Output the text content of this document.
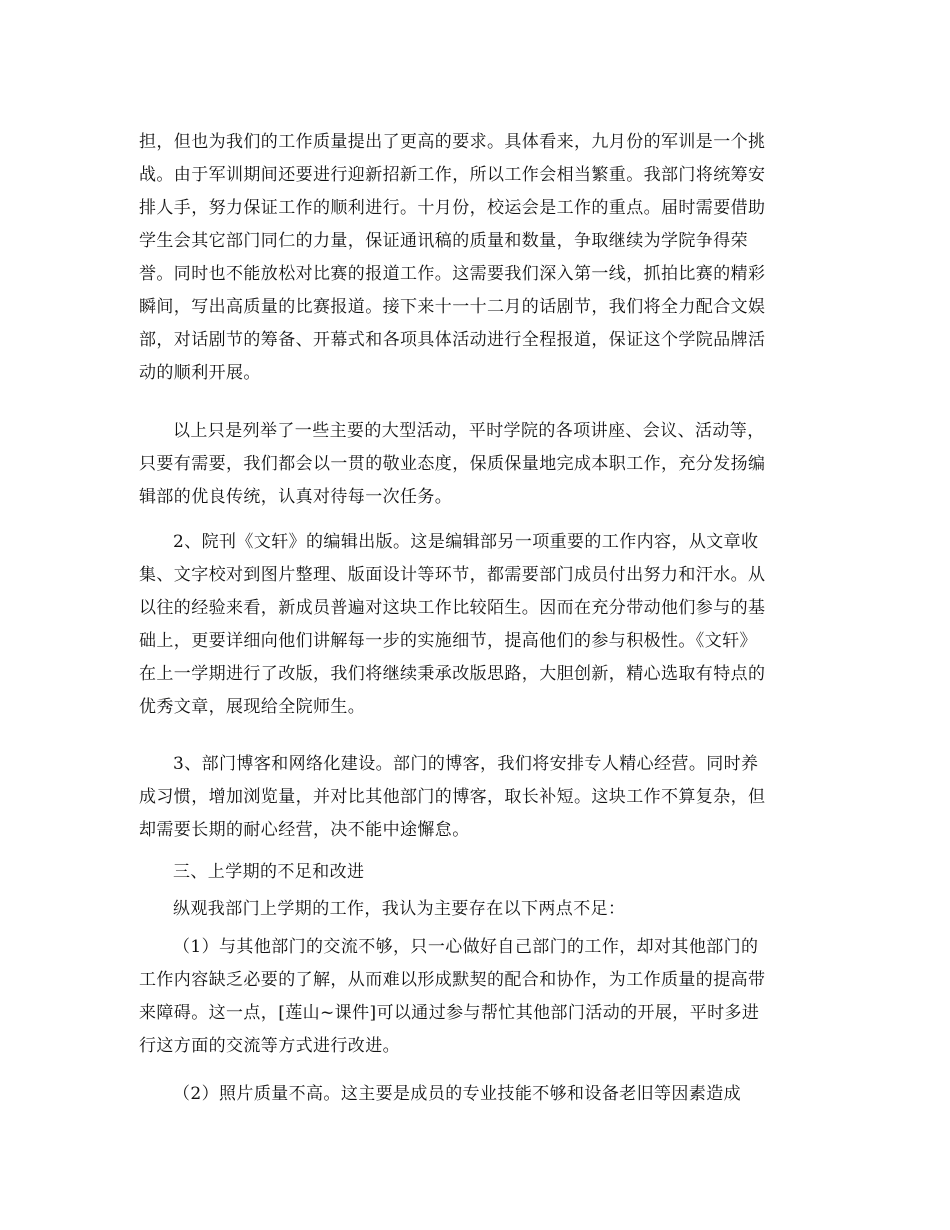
担，但也为我们的工作质量提出了更高的要求。具体看来，九月份的军训是一个挑
战。由于军训期间还要进行迎新招新工作，所以工作会相当繁重。我部门将统筹安
排人手，努力保证工作的顺利进行。十月份，校运会是工作的重点。届时需要借助
学生会其它部门同仁的力量，保证通讯稿的质量和数量，争取继续为学院争得荣
誉。同时也不能放松对比赛的报道工作。这需要我们深入第一线，抓拍比赛的精彩
瞬间，写出高质量的比赛报道。接下来十一十二月的话剧节，我们将全力配合文娱
部，对话剧节的筹备、开幕式和各项具体活动进行全程报道，保证这个学院品牌活
动的顺利开展。

以上只是列举了一些主要的大型活动，平时学院的各项讲座、会议、活动等，
只要有需要，我们都会以一贯的敬业态度，保质保量地完成本职工作，充分发扬编
辑部的优良传统，认真对待每一次任务。

2、院刊《文轩》的编辑出版。这是编辑部另一项重要的工作内容，从文章收
集、文字校对到图片整理、版面设计等环节，都需要部门成员付出努力和汗水。从
以往的经验来看，新成员普遍对这块工作比较陌生。因而在充分带动他们参与的基
础上，更要详细向他们讲解每一步的实施细节，提高他们的参与积极性。《文轩》
在上一学期进行了改版，我们将继续秉承改版思路，大胆创新，精心选取有特点的
优秀文章，展现给全院师生。

3、部门博客和网络化建设。部门的博客，我们将安排专人精心经营。同时养
成习惯，增加浏览量，并对比其他部门的博客，取长补短。这块工作不算复杂，但
却需要长期的耐心经营，决不能中途懈怠。

三、上学期的不足和改进

纵观我部门上学期的工作，我认为主要存在以下两点不足：

（1）与其他部门的交流不够，只一心做好自己部门的工作，却对其他部门的
工作内容缺乏必要的了解，从而难以形成默契的配合和协作，为工作质量的提高带
来障碍。这一点，[莲山~课件]可以通过参与帮忙其他部门活动的开展，平时多进
行这方面的交流等方式进行改进。

（2）照片质量不高。这主要是成员的专业技能不够和设备老旧等因素造成
